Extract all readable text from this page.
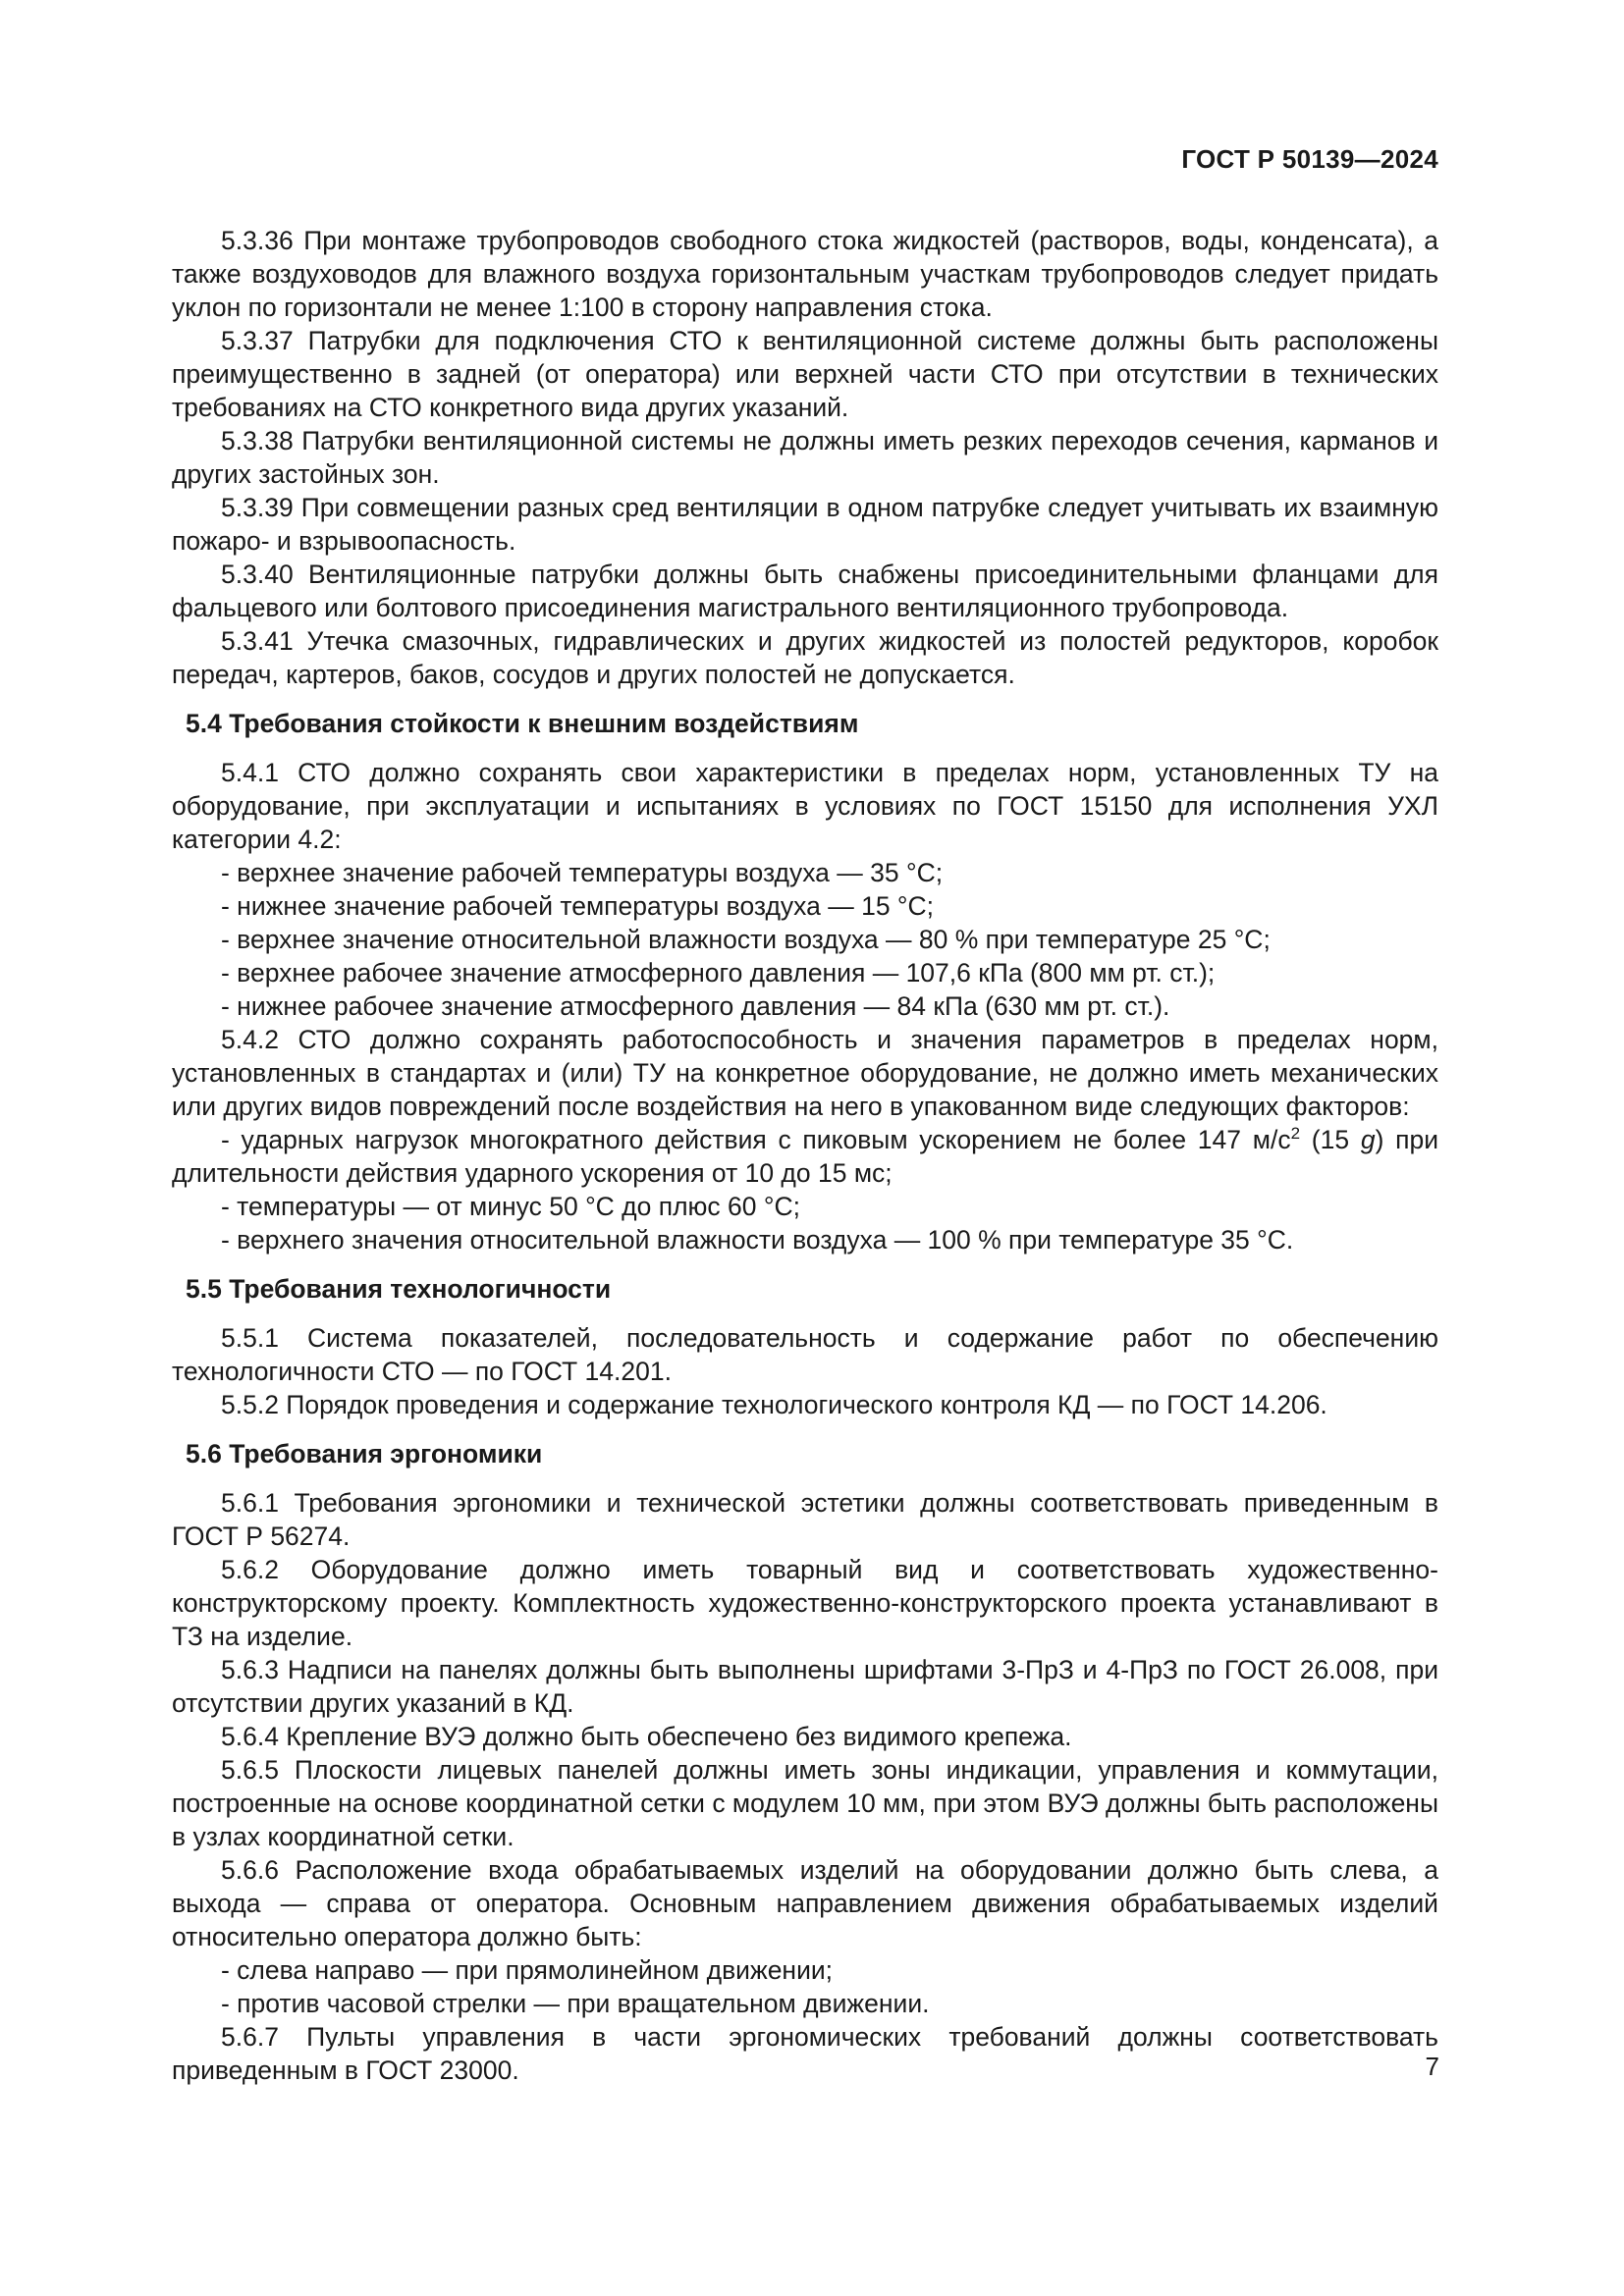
ГОСТ Р 50139—2024

5.3.36 При монтаже трубопроводов свободного стока жидкостей (растворов, воды, конденсата), а также воздуховодов для влажного воздуха горизонтальным участкам трубопроводов следует придать уклон по горизонтали не менее 1:100 в сторону направления стока.

5.3.37 Патрубки для подключения СТО к вентиляционной системе должны быть расположены преимущественно в задней (от оператора) или верхней части СТО при отсутствии в технических требованиях на СТО конкретного вида других указаний.

5.3.38 Патрубки вентиляционной системы не должны иметь резких переходов сечения, карманов и других застойных зон.

5.3.39 При совмещении разных сред вентиляции в одном патрубке следует учитывать их взаимную пожаро- и взрывоопасность.

5.3.40 Вентиляционные патрубки должны быть снабжены присоединительными фланцами для фальцевого или болтового присоединения магистрального вентиляционного трубопровода.

5.3.41 Утечка смазочных, гидравлических и других жидкостей из полостей редукторов, коробок передач, картеров, баков, сосудов и других полостей не допускается.

5.4 Требования стойкости к внешним воздействиям

5.4.1 СТО должно сохранять свои характеристики в пределах норм, установленных ТУ на оборудование, при эксплуатации и испытаниях в условиях по ГОСТ 15150 для исполнения УХЛ категории 4.2:

- верхнее значение рабочей температуры воздуха — 35 °С;

- нижнее значение рабочей температуры воздуха — 15 °С;

- верхнее значение относительной влажности воздуха — 80 % при температуре 25 °С;

- верхнее рабочее значение атмосферного давления — 107,6 кПа (800 мм рт. ст.);

- нижнее рабочее значение атмосферного давления — 84 кПа (630 мм рт. ст.).

5.4.2 СТО должно сохранять работоспособность и значения параметров в пределах норм, установленных в стандартах и (или) ТУ на конкретное оборудование, не должно иметь механических или других видов повреждений после воздействия на него в упакованном виде следующих факторов:

- ударных нагрузок многократного действия с пиковым ускорением не более 147 $м/с^2$ (15 g) при длительности действия ударного ускорения от 10 до 15 мс;

- температуры — от минус 50 °С до плюс 60 °С;

- верхнего значения относительной влажности воздуха — 100 % при температуре 35 °С.

5.5 Требования технологичности

5.5.1 Система показателей, последовательность и содержание работ по обеспечению технологичности СТО — по ГОСТ 14.201.

5.5.2 Порядок проведения и содержание технологического контроля КД — по ГОСТ 14.206.

5.6 Требования эргономики

5.6.1 Требования эргономики и технической эстетики должны соответствовать приведенным в ГОСТ Р 56274.

5.6.2 Оборудование должно иметь товарный вид и соответствовать художественно-конструкторскому проекту. Комплектность художественно-конструкторского проекта устанавливают в ТЗ на изделие.

5.6.3 Надписи на панелях должны быть выполнены шрифтами 3-ПрЗ и 4-ПрЗ по ГОСТ 26.008, при отсутствии других указаний в КД.

5.6.4 Крепление ВУЭ должно быть обеспечено без видимого крепежа.

5.6.5 Плоскости лицевых панелей должны иметь зоны индикации, управления и коммутации, построенные на основе координатной сетки с модулем 10 мм, при этом ВУЭ должны быть расположены в узлах координатной сетки.

5.6.6 Расположение входа обрабатываемых изделий на оборудовании должно быть слева, а выхода — справа от оператора. Основным направлением движения обрабатываемых изделий относительно оператора должно быть:

- слева направо — при прямолинейном движении;

- против часовой стрелки — при вращательном движении.

5.6.7 Пульты управления в части эргономических требований должны соответствовать приведенным в ГОСТ 23000.	7
